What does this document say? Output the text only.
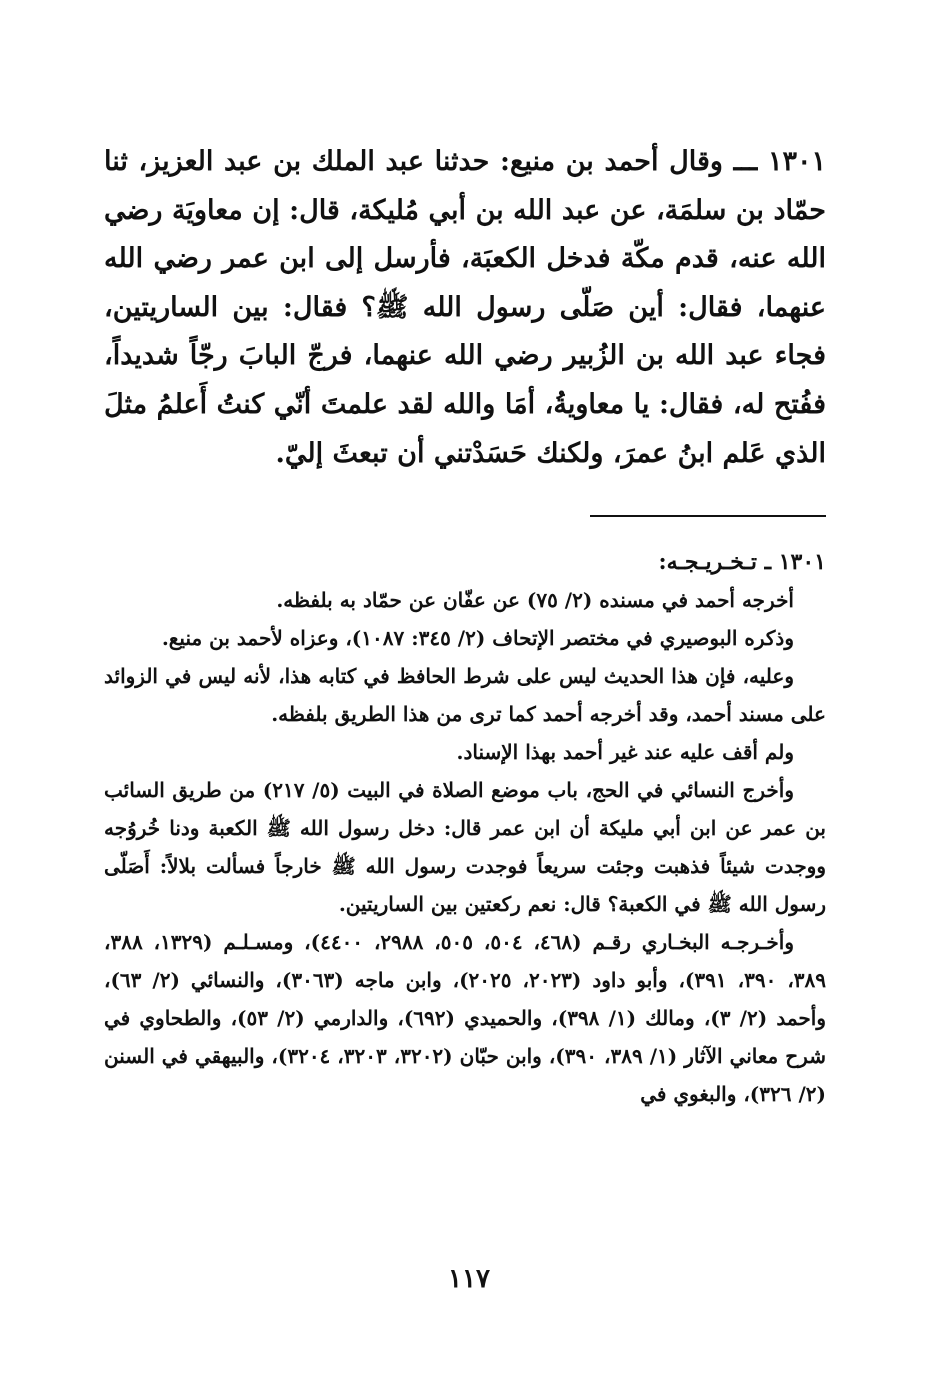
١٣٠١ ـــ وقال أحمد بن منيع: حدثنا عبد الملك بن عبد العزيز، ثنا حمّاد بن سلمَة، عن عبد الله بن أبي مُليكة، قال: إن معاويَة رضي الله عنه، قدم مكّة فدخل الكعبَة، فأرسل إلى ابن عمر رضي الله عنهما، فقال: أين صَلّى رسول الله ﷺ؟ فقال: بين الساريتين، فجاء عبد الله بن الزُبير رضي الله عنهما، فرجّ البابَ رجّاً شديداً، ففُتح له، فقال: يا معاويةُ، أمَا والله لقد علمتَ أنّي كنتُ أَعلمُ مثلَ الذي عَلم ابنُ عمرَ، ولكنك حَسَدْتني أن تبعثَ إليّ.

١٣٠١ ـ تـخـريـجـه:

أخرجه أحمد في مسنده (٢/ ٧٥) عن عفّان عن حمّاد به بلفظه.

وذكره البوصيري في مختصر الإتحاف (٢/ ٣٤٥: ١٠٨٧)، وعزاه لأحمد بن منيع.

وعليه، فإن هذا الحديث ليس على شرط الحافظ في كتابه هذا، لأنه ليس في الزوائد على مسند أحمد، وقد أخرجه أحمد كما ترى من هذا الطريق بلفظه.

ولم أقف عليه عند غير أحمد بهذا الإسناد.

وأخرج النسائي في الحج، باب موضع الصلاة في البيت (٥/ ٢١٧) من طريق السائب بن عمر عن ابن أبي مليكة أن ابن عمر قال: دخل رسول الله ﷺ الكعبة ودنا خُروُجه ووجدت شيئاً فذهبت وجئت سريعاً فوجدت رسول الله ﷺ خارجاً فسألت بلالاً: أَصَلّى رسول الله ﷺ في الكعبة؟ قال: نعم ركعتين بين الساريتين.

وأخـرجـه البخـاري رقـم (٤٦٨، ٥٠٤، ٥٠٥، ٢٩٨٨، ٤٤٠٠)، ومسـلـم (١٣٢٩، ٣٨٨، ٣٨٩، ٣٩٠، ٣٩١)، وأبو داود (٢٠٢٣، ٢٠٢٥)، وابن ماجه (٣٠٦٣)، والنسائي (٢/ ٦٣)، وأحمد (٢/ ٣)، ومالك (١/ ٣٩٨)، والحميدي (٦٩٢)، والدارمي (٢/ ٥٣)، والطحاوي في شرح معاني الآثار (١/ ٣٨٩، ٣٩٠)، وابن حبّان (٣٢٠٢، ٣٢٠٣، ٣٢٠٤)، والبيهقي في السنن (٢/ ٣٢٦)، والبغوي في

١١٧
